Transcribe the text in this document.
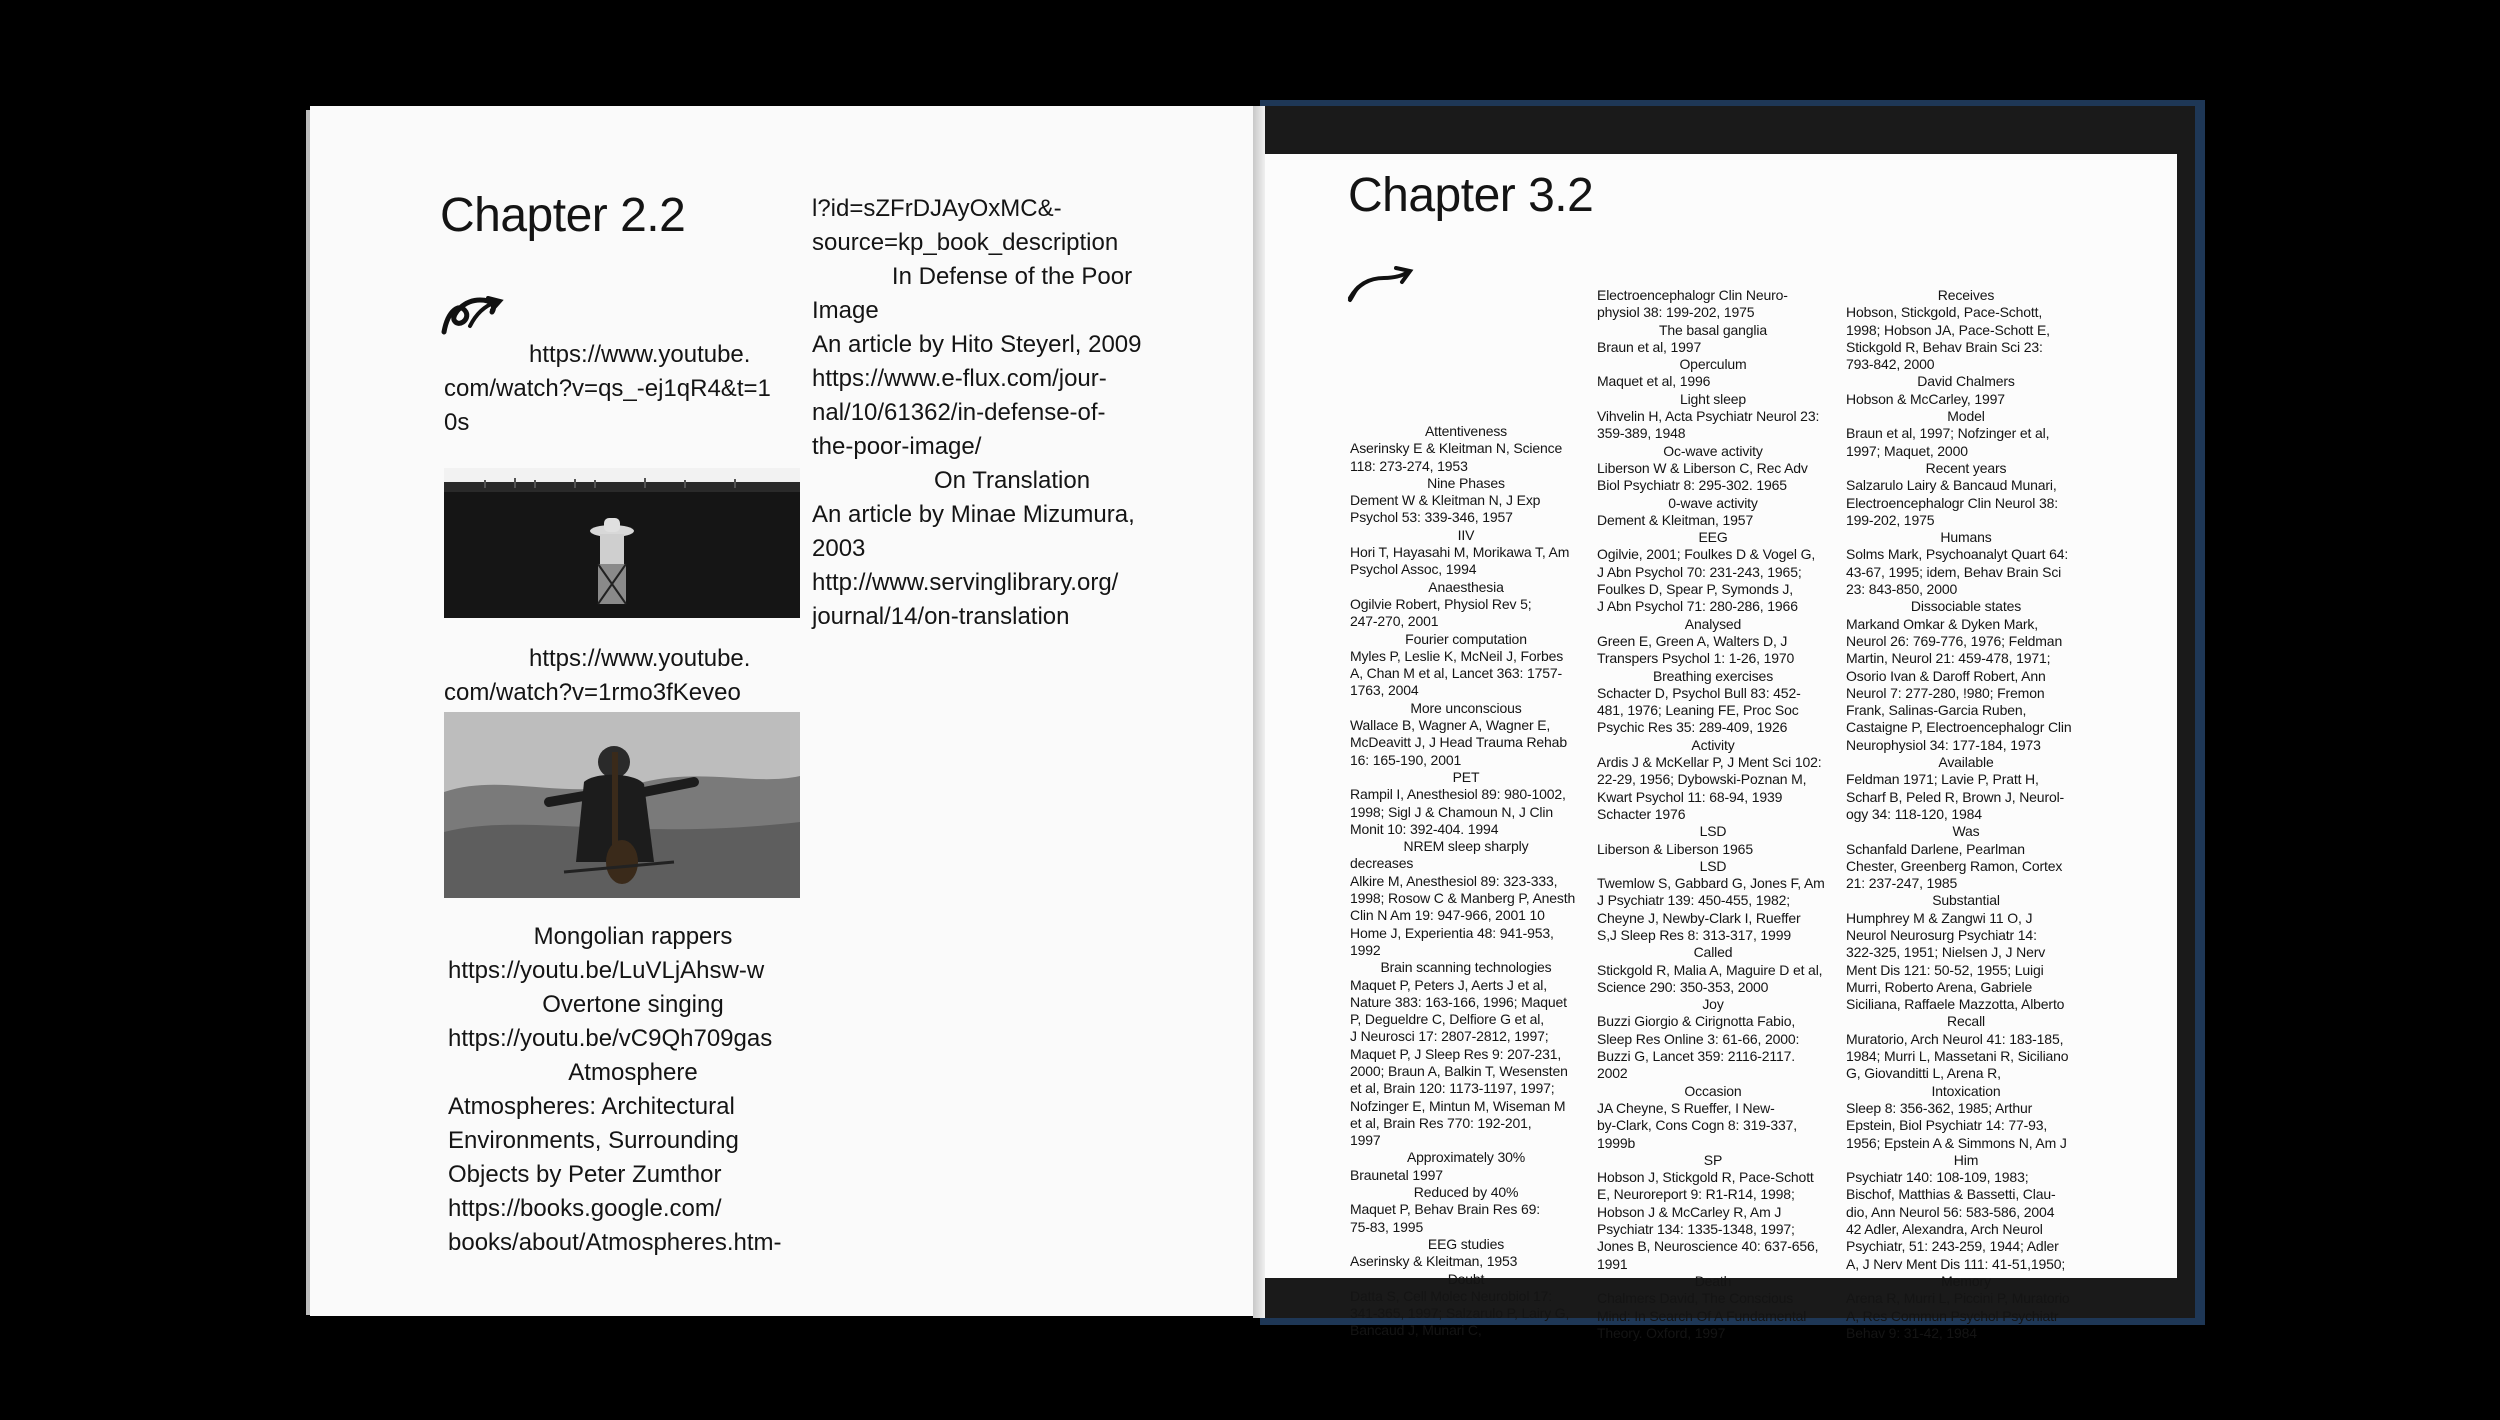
Chapter 2.2
https://www.youtube.
com/watch?v=qs_-ej1qR4&t=1
0s
https://www.youtube.
com/watch?v=1rmo3fKeveo
Mongolian rappers
https://youtu.be/LuVLjAhsw-w
Overtone singing
https://youtu.be/vC9Qh709gas
Atmosphere
Atmospheres: Architectural
Environments, Surrounding
Objects by Peter Zumthor
https://books.google.com/
books/about/Atmospheres.htm-
l?id=sZFrDJAyOxMC&-
source=kp_book_description
In Defense of the Poor
Image
An article by Hito Steyerl, 2009
https://www.e-flux.com/jour-
nal/10/61362/in-defense-of-
the-poor-image/
On Translation
An article by Minae Mizumura,
2003
http://www.servinglibrary.org/
journal/14/on-translation
Chapter 3.2
Attentiveness
Aserinsky E & Kleitman N, Science
118: 273-274, 1953
Nine Phases
Dement W & Kleitman N, J Exp
Psychol 53: 339-346, 1957
IIV
Hori T, Hayasahi M, Morikawa T, Am
Psychol Assoc, 1994
Anaesthesia
Ogilvie Robert, Physiol Rev 5;
247-270, 2001
Fourier computation
Myles P, Leslie K, McNeil J, Forbes
A, Chan M et al, Lancet 363: 1757-
1763, 2004
More unconscious
Wallace B, Wagner A, Wagner E,
McDeavitt J, J Head Trauma Rehab
16: 165-190, 2001
PET
Rampil I, Anesthesiol 89: 980-1002,
1998; Sigl J & Chamoun N, J Clin
Monit 10: 392-404. 1994
NREM sleep sharply
decreases
Alkire M, Anesthesiol 89: 323-333,
1998; Rosow C & Manberg P, Anesth
Clin N Am 19: 947-966, 2001 10
Home J, Experientia 48: 941-953,
1992
Brain scanning technologies
Maquet P, Peters J, Aerts J et al,
Nature 383: 163-166, 1996; Maquet
P, Degueldre C, Delfiore G et al,
J Neurosci 17: 2807-2812, 1997;
Maquet P, J Sleep Res 9: 207-231,
2000; Braun A, Balkin T, Wesensten
et al, Brain 120: 1173-1197, 1997;
Nofzinger E, Mintun M, Wiseman M
et al, Brain Res 770: 192-201,
1997
Approximately 30%
Braunetal 1997
Reduced by 40%
Maquet P, Behav Brain Res 69:
75-83, 1995
EEG studies
Aserinsky & Kleitman, 1953
Doubt
Datta S, Cell Molec Neurobiol 17:
341-365, 1997; Salzarulo P, Lairy G,
Bancaud J, Munari C,
Electroencephalogr Clin Neuro-
physiol 38: 199-202, 1975
The basal ganglia
Braun et al, 1997
Operculum
Maquet et al, 1996
Light sleep
Vihvelin H, Acta Psychiatr Neurol 23:
359-389, 1948
Oc-wave activity
Liberson W & Liberson C, Rec Adv
Biol Psychiatr 8: 295-302. 1965
0-wave activity
Dement & Kleitman, 1957
EEG
Ogilvie, 2001; Foulkes D & Vogel G,
J Abn Psychol 70: 231-243, 1965;
Foulkes D, Spear P, Symonds J,
J Abn Psychol 71: 280-286, 1966
Analysed
Green E, Green A, Walters D, J
Transpers Psychol 1: 1-26, 1970
Breathing exercises
Schacter D, Psychol Bull 83: 452-
481, 1976; Leaning FE, Proc Soc
Psychic Res 35: 289-409, 1926
Activity
Ardis J & McKellar P, J Ment Sci 102:
22-29, 1956; Dybowski-Poznan M,
Kwart Psychol 11: 68-94, 1939
Schacter 1976
LSD
Liberson & Liberson 1965
LSD
Twemlow S, Gabbard G, Jones F, Am
J Psychiatr 139: 450-455, 1982;
Cheyne J, Newby-Clark I, Rueffer
S,J Sleep Res 8: 313-317, 1999
Called
Stickgold R, Malia A, Maguire D et al,
Science 290: 350-353, 2000
Joy
Buzzi Giorgio & Cirignotta Fabio,
Sleep Res Online 3: 61-66, 2000:
Buzzi G, Lancet 359: 2116-2117.
2002
Occasion
JA Cheyne, S Rueffer, I New-
by-Clark, Cons Cogn 8: 319-337,
1999b
SP
Hobson J, Stickgold R, Pace-Schott
E, Neuroreport 9: R1-R14, 1998;
Hobson J & McCarley R, Am J
Psychiatr 134: 1335-1348, 1997;
Jones B, Neuroscience 40: 637-656,
1991
Death
Chalmers David, The Conscious
Mind: In Search Of A Fundamental
Theory. Oxford, 1997
Receives
Hobson, Stickgold, Pace-Schott,
1998; Hobson JA, Pace-Schott E,
Stickgold R, Behav Brain Sci 23:
793-842, 2000
David Chalmers
Hobson & McCarley, 1997
Model
Braun et al, 1997; Nofzinger et al,
1997; Maquet, 2000
Recent years
Salzarulo Lairy & Bancaud Munari,
Electroencephalogr Clin Neurol 38:
199-202, 1975
Humans
Solms Mark, Psychoanalyt Quart 64:
43-67, 1995; idem, Behav Brain Sci
23: 843-850, 2000
Dissociable states
Markand Omkar & Dyken Mark,
Neurol 26: 769-776, 1976; Feldman
Martin, Neurol 21: 459-478, 1971;
Osorio Ivan & Daroff Robert, Ann
Neurol 7: 277-280, !980; Fremon
Frank, Salinas-Garcia Ruben,
Castaigne P, Electroencephalogr Clin
Neurophysiol 34: 177-184, 1973
Available
Feldman 1971; Lavie P, Pratt H,
Scharf B, Peled R, Brown J, Neurol-
ogy 34: 118-120, 1984
Was
Schanfald Darlene, Pearlman
Chester, Greenberg Ramon, Cortex
21: 237-247, 1985
Substantial
Humphrey M & Zangwi 11 O, J
Neurol Neurosurg Psychiatr 14:
322-325, 1951; Nielsen J, J Nerv
Ment Dis 121: 50-52, 1955; Luigi
Murri, Roberto Arena, Gabriele
Siciliana, Raffaele Mazzotta, Alberto
Recall
Muratorio, Arch Neurol 41: 183-185,
1984; Murri L, Massetani R, Siciliano
G, Giovanditti L, Arena R,
Intoxication
Sleep 8: 356-362, 1985; Arthur
Epstein, Biol Psychiatr 14: 77-93,
1956; Epstein A & Simmons N, Am J
Him
Psychiatr 140: 108-109, 1983;
Bischof, Matthias & Bassetti, Clau-
dio, Ann Neurol 56: 583-586, 2004
42 Adler, Alexandra, Arch Neurol
Psychiatr, 51: 243-259, 1944; Adler
A, J Nerv Ment Dis 111: 41-51,1950;
Memory
Arena R, Murri L, Piccini P, Muratorio
A, Res Commun Psychol Psychiatr
Behav 9: 31-42, 1984
